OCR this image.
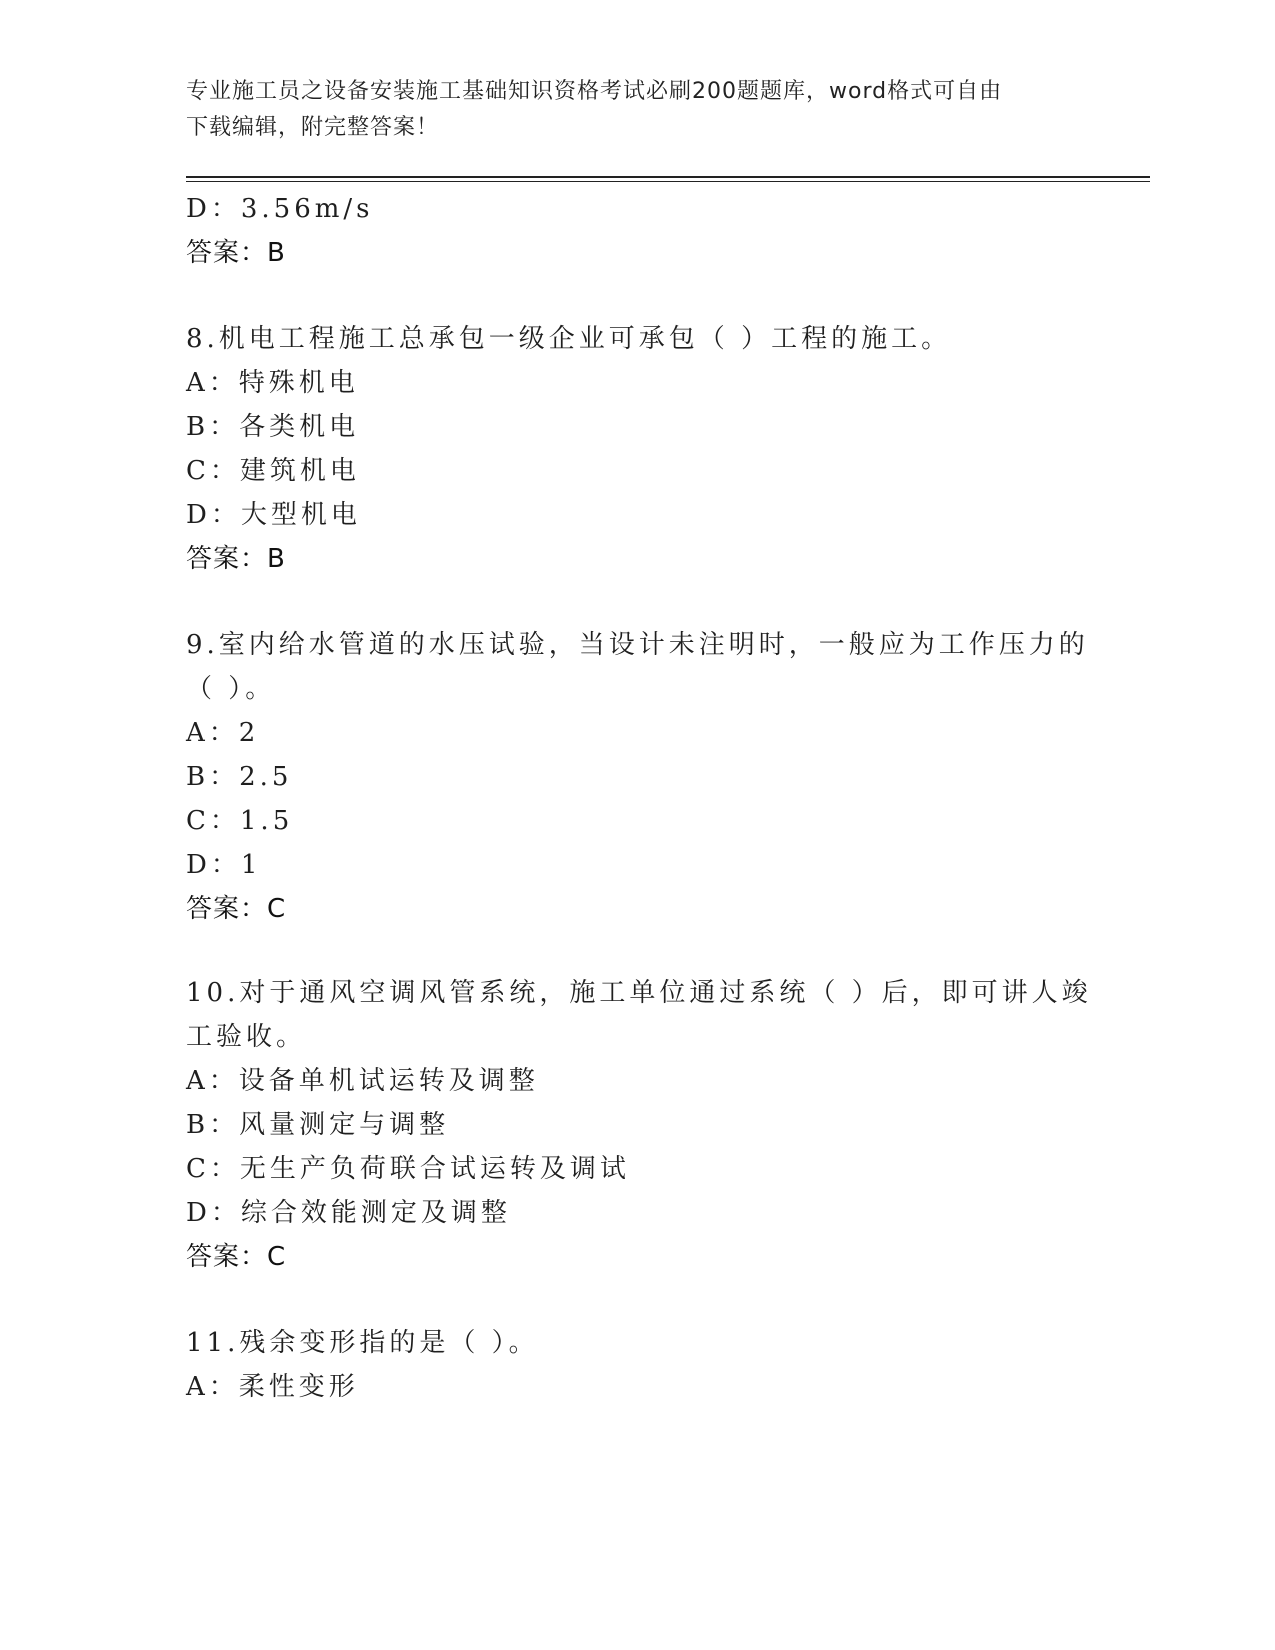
专业施工员之设备安装施工基础知识资格考试必刷200题题库，word格式可自由
下载编辑，附完整答案！
D：3.56m/s
答案：B
8.机电工程施工总承包一级企业可承包（ ）工程的施工。
A：特殊机电
B：各类机电
C：建筑机电
D：大型机电
答案：B
9.室内给水管道的水压试验，当设计未注明时，一般应为工作压力的
（ ）。
A：2
B：2.5
C：1.5
D：1
答案：C
10.对于通风空调风管系统，施工单位通过系统（ ）后，即可讲人竣
工验收。
A：设备单机试运转及调整
B：风量测定与调整
C：无生产负荷联合试运转及调试
D：综合效能测定及调整
答案：C
11.残余变形指的是（ ）。
A：柔性变形
